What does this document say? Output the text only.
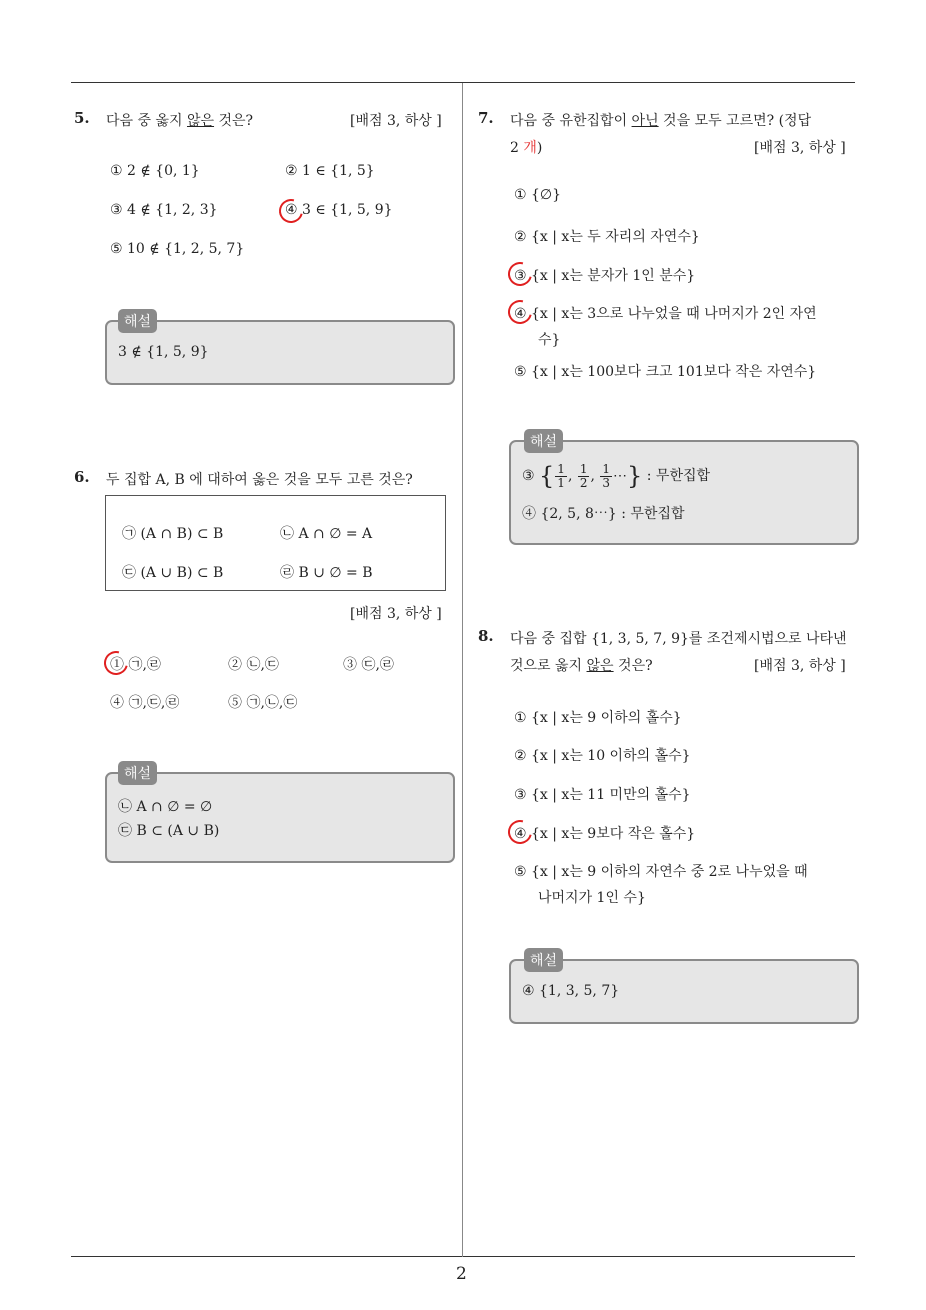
2
5. 다음 중 옳지 않은 것은?	[배점 3, 하상 ]
① 2 ∉ {0, 1}	② 1 ∈ {1, 5}
③ 4 ∉ {1, 2, 3}	④ 3 ∈ {1, 5, 9}
⑤ 10 ∉ {1, 2, 5, 7}
해설
3 ∉ {1, 5, 9}
6. 두 집합 A, B 에 대하여 옳은 것을 모두 고른 것은?
㉠ (A ∩ B) ⊂ B	㉡ A ∩ ∅ = A
㉢ (A ∪ B) ⊂ B	㉣ B ∪ ∅ = B
[배점 3, 하상 ]
① ㉠,㉣	② ㉡,㉢	③ ㉢,㉣
④ ㉠,㉢,㉣	⑤ ㉠,㉡,㉢
해설
㉡ A ∩ ∅ = ∅
㉢ B ⊂ (A ∪ B)
7. 다음 중 유한집합이 아닌 것을 모두 고르면? (정답
2 개)	[배점 3, 하상 ]
① {∅}
② {x | x는 두 자리의 자연수}
③ {x | x는 분자가 1인 분수}
④ {x | x는 3으로 나누었을 때 나머지가 2인 자연
수}
⑤ {x | x는 100보다 크고 101보다 작은 자연수}
해설
③ { $\frac{1}{1}$ , $\frac{1}{2}$ , $\frac{1}{3}$ ⋯} : 무한집합
④ {2, 5, 8⋯} : 무한집합
8. 다음 중 집합 {1, 3, 5, 7, 9}를 조건제시법으로 나타낸
것으로 옳지 않은 것은?	[배점 3, 하상 ]
① {x | x는 9 이하의 홀수}
② {x | x는 10 이하의 홀수}
③ {x | x는 11 미만의 홀수}
④ {x | x는 9보다 작은 홀수}
⑤ {x | x는 9 이하의 자연수 중 2로 나누었을 때
나머지가 1인 수}
해설
④ {1, 3, 5, 7}
